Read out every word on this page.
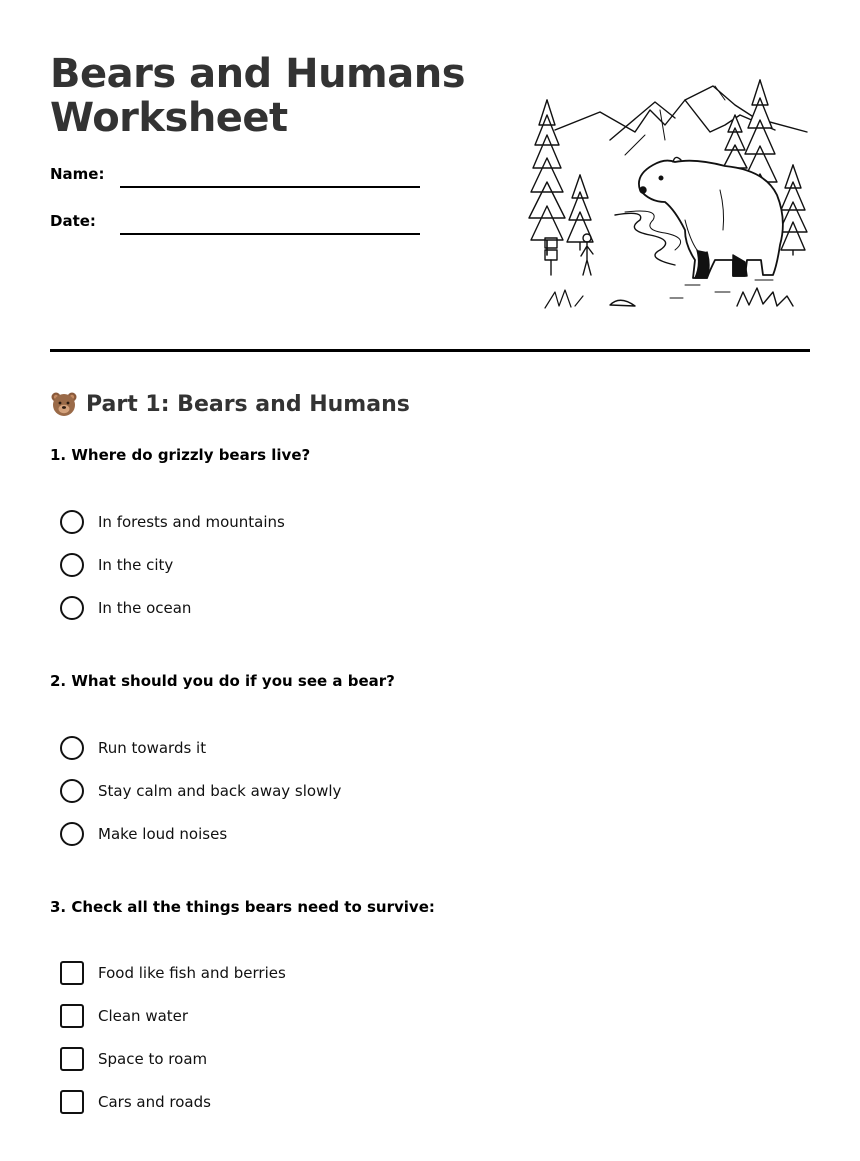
Bears and Humans Worksheet
Name:
Date:
Part 1: Bears and Humans

1. Where do grizzly bears live?

In forests and mountains
In the city
In the ocean

2. What should you do if you see a bear?

Run towards it
Stay calm and back away slowly
Make loud noises

3. Check all the things bears need to survive:

Food like fish and berries
Clean water
Space to roam
Cars and roads
